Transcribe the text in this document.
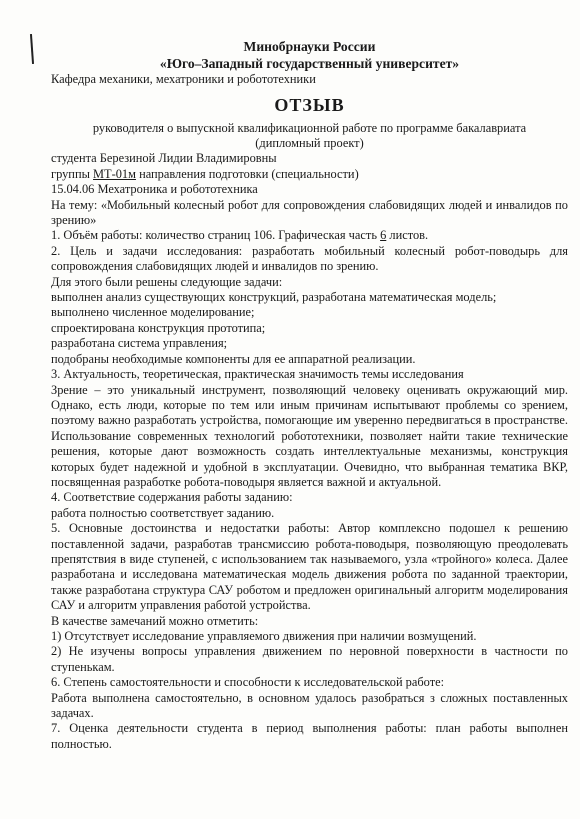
Минобрнауки России

«Юго–Западный государственный университет»

Кафедра механики, мехатроники и робототехники

ОТЗЫВ

руководителя о выпускной квалификационной работе по программе бакалавриата

(дипломный проект)

студента Березиной Лидии Владимировны

группы МТ-01м направления подготовки (специальности)

15.04.06 Мехатроника и робототехника

На тему: «Мобильный колесный робот для сопровождения слабовидящих людей и инвалидов по зрению»

1. Объём работы: количество страниц 106. Графическая часть 6 листов.

2. Цель и задачи исследования: разработать мобильный колесный робот-поводырь для сопровождения слабовидящих людей и инвалидов по зрению.

Для этого были решены следующие задачи:

выполнен анализ существующих конструкций, разработана математическая модель;

выполнено численное моделирование;

спроектирована конструкция прототипа;

разработана система управления;

подобраны необходимые компоненты для ее аппаратной реализации.

3. Актуальность, теоретическая, практическая значимость темы исследования

Зрение – это уникальный инструмент, позволяющий человеку оценивать окружающий мир. Однако, есть люди, которые по тем или иным причинам испытывают проблемы со зрением, поэтому важно разработать устройства, помогающие им уверенно передвигаться в пространстве. Использование современных технологий робототехники, позволяет найти такие технические решения, которые дают возможность создать интеллектуальные механизмы, конструкция которых будет надежной и удобной в эксплуатации. Очевидно, что выбранная тематика ВКР, посвященная разработке робота-поводыря является важной и актуальной.

4. Соответствие содержания работы заданию:

работа полностью соответствует заданию.

5. Основные достоинства и недостатки работы: Автор комплексно подошел к решению поставленной задачи, разработав трансмиссию робота-поводыря, позволяющую преодолевать препятствия в виде ступеней, с использованием так называемого, узла «тройного» колеса. Далее разработана и исследована математическая модель движения робота по заданной траектории, также разработана структура САУ роботом и предложен оригинальный алгоритм моделирования САУ и алгоритм управления работой устройства.

В качестве замечаний можно отметить:

1) Отсутствует исследование управляемого движения при наличии возмущений.

2) Не изучены вопросы управления движением по неровной поверхности в частности по ступенькам.

6. Степень самостоятельности и способности к исследовательской работе:

Работа выполнена самостоятельно, в основном удалось разобраться з сложных поставленных задачах.

7. Оценка деятельности студента в период выполнения работы: план работы выполнен полностью.
